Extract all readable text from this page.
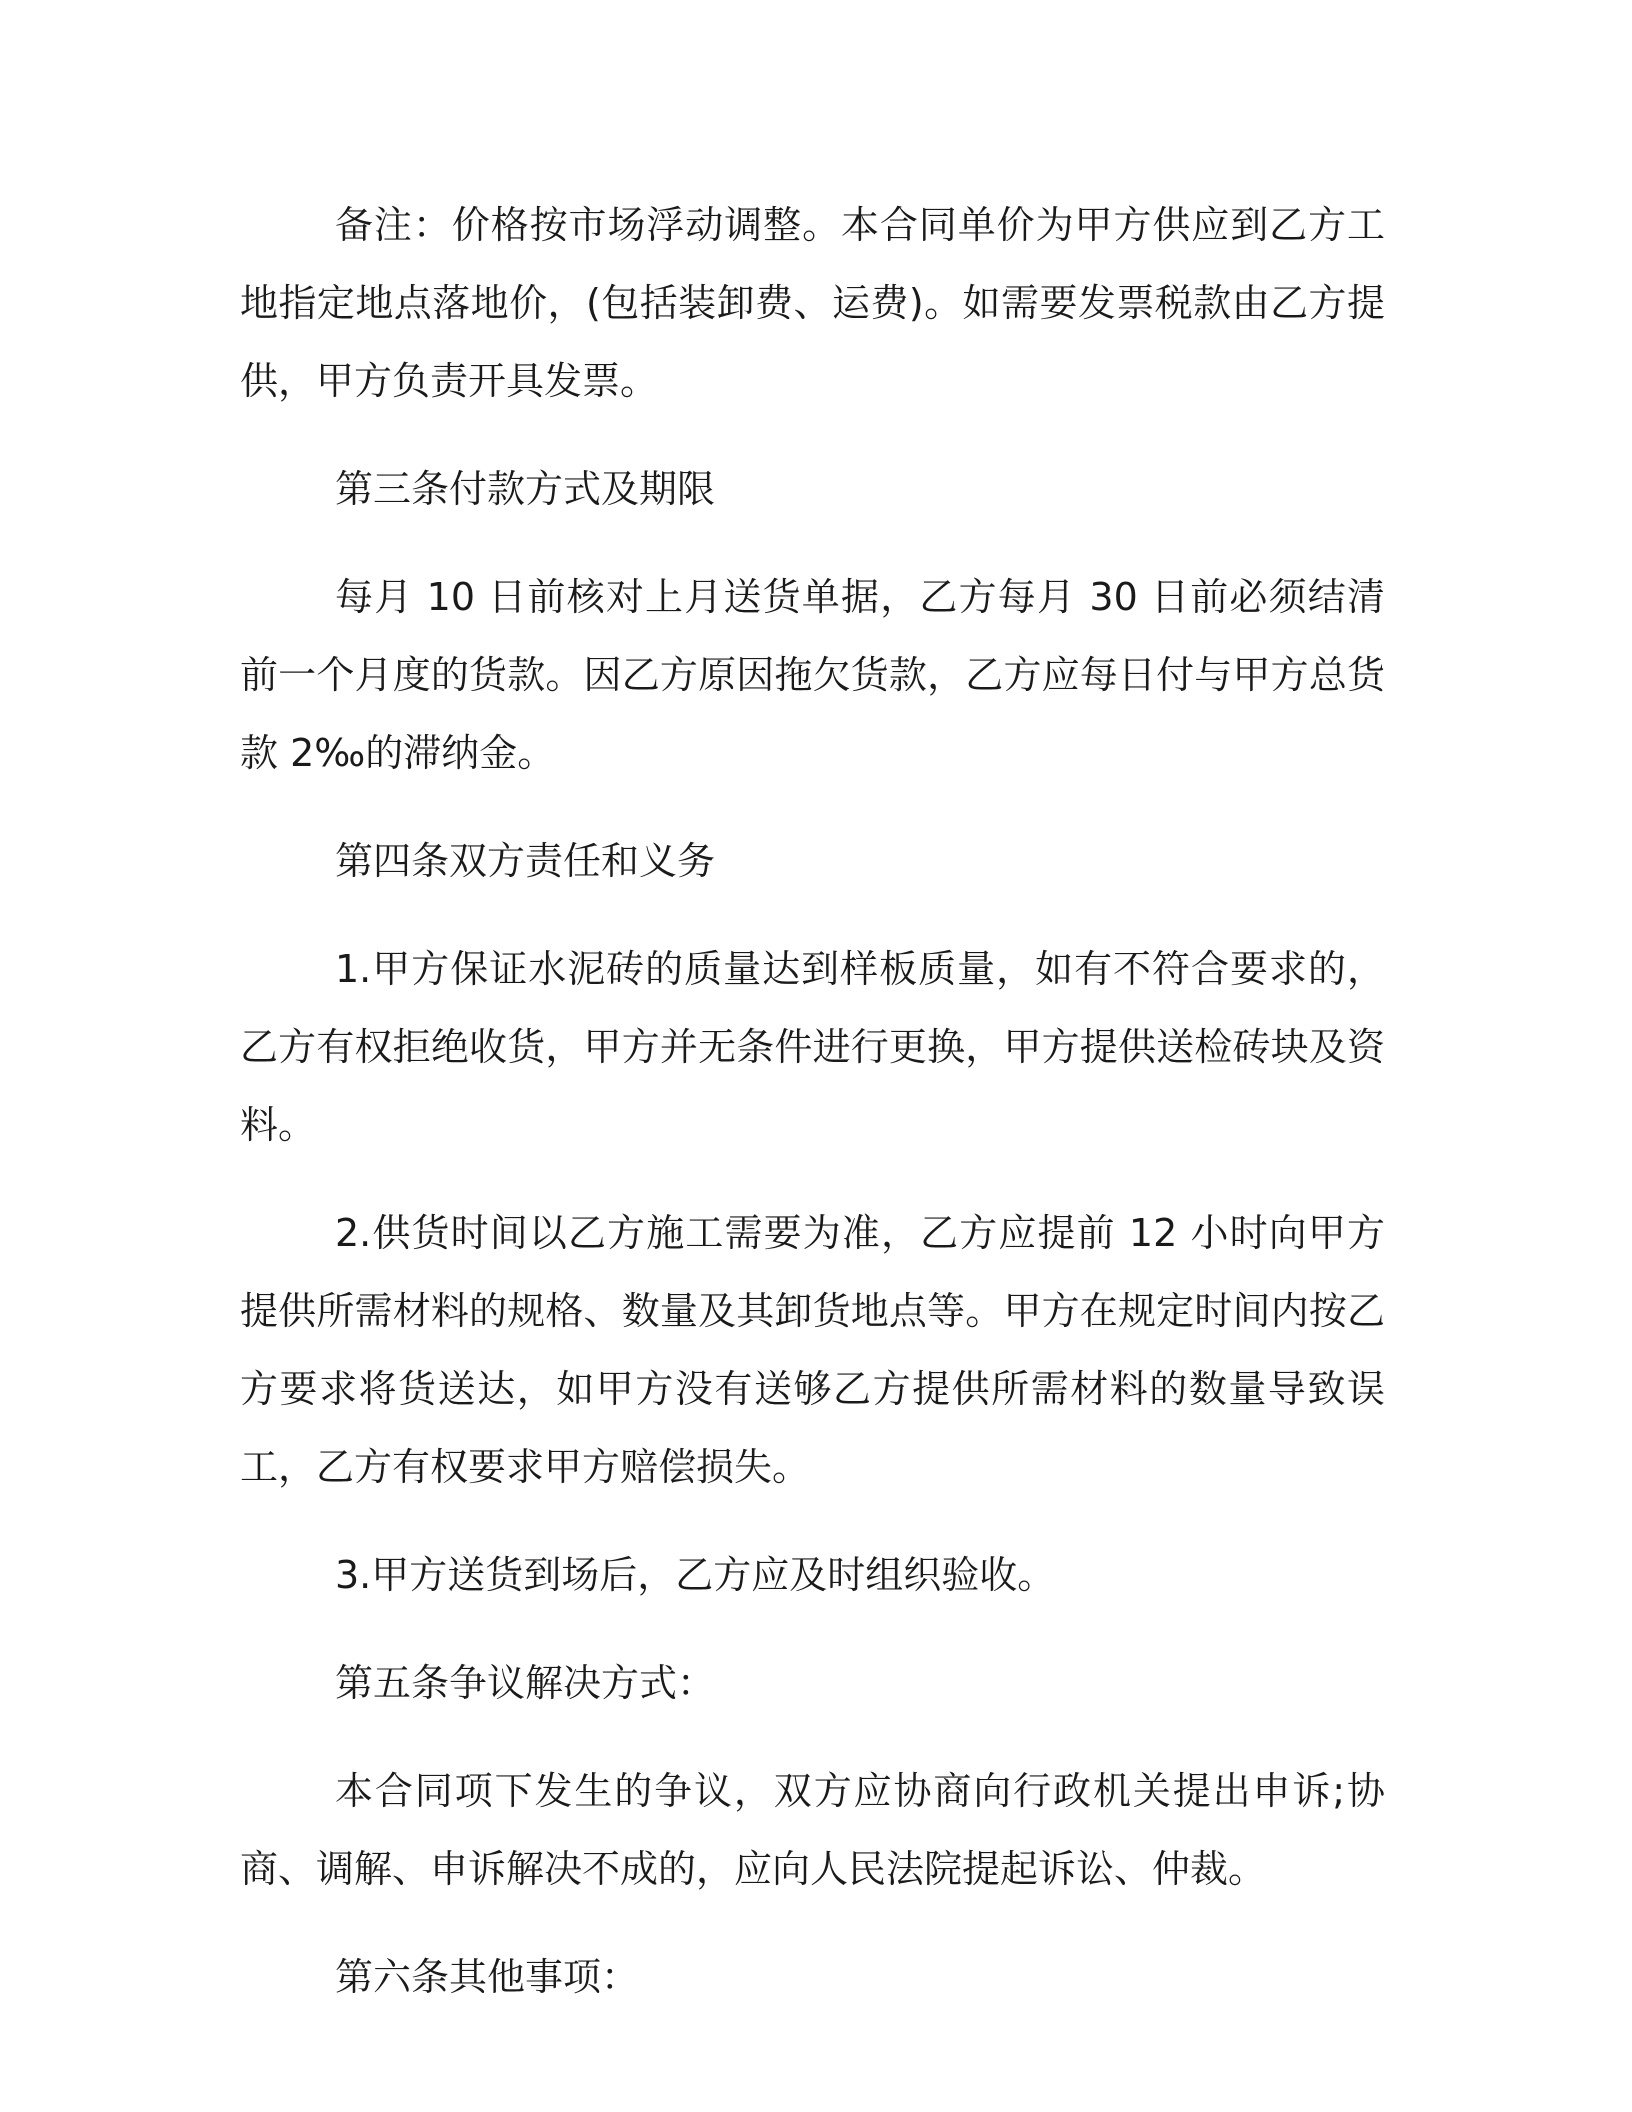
备注：价格按市场浮动调整。本合同单价为甲方供应到乙方工地指定地点落地价，(包括装卸费、运费)。如需要发票税款由乙方提供，甲方负责开具发票。

第三条付款方式及期限

每月 10 日前核对上月送货单据，乙方每月 30 日前必须结清前一个月度的货款。因乙方原因拖欠货款，乙方应每日付与甲方总货款 2‰的滞纳金。

第四条双方责任和义务

1.甲方保证水泥砖的质量达到样板质量，如有不符合要求的，乙方有权拒绝收货，甲方并无条件进行更换，甲方提供送检砖块及资料。

2.供货时间以乙方施工需要为准，乙方应提前 12 小时向甲方提供所需材料的规格、数量及其卸货地点等。甲方在规定时间内按乙方要求将货送达，如甲方没有送够乙方提供所需材料的数量导致误工，乙方有权要求甲方赔偿损失。

3.甲方送货到场后，乙方应及时组织验收。

第五条争议解决方式：

本合同项下发生的争议，双方应协商向行政机关提出申诉;协商、调解、申诉解决不成的，应向人民法院提起诉讼、仲裁。

第六条其他事项：
